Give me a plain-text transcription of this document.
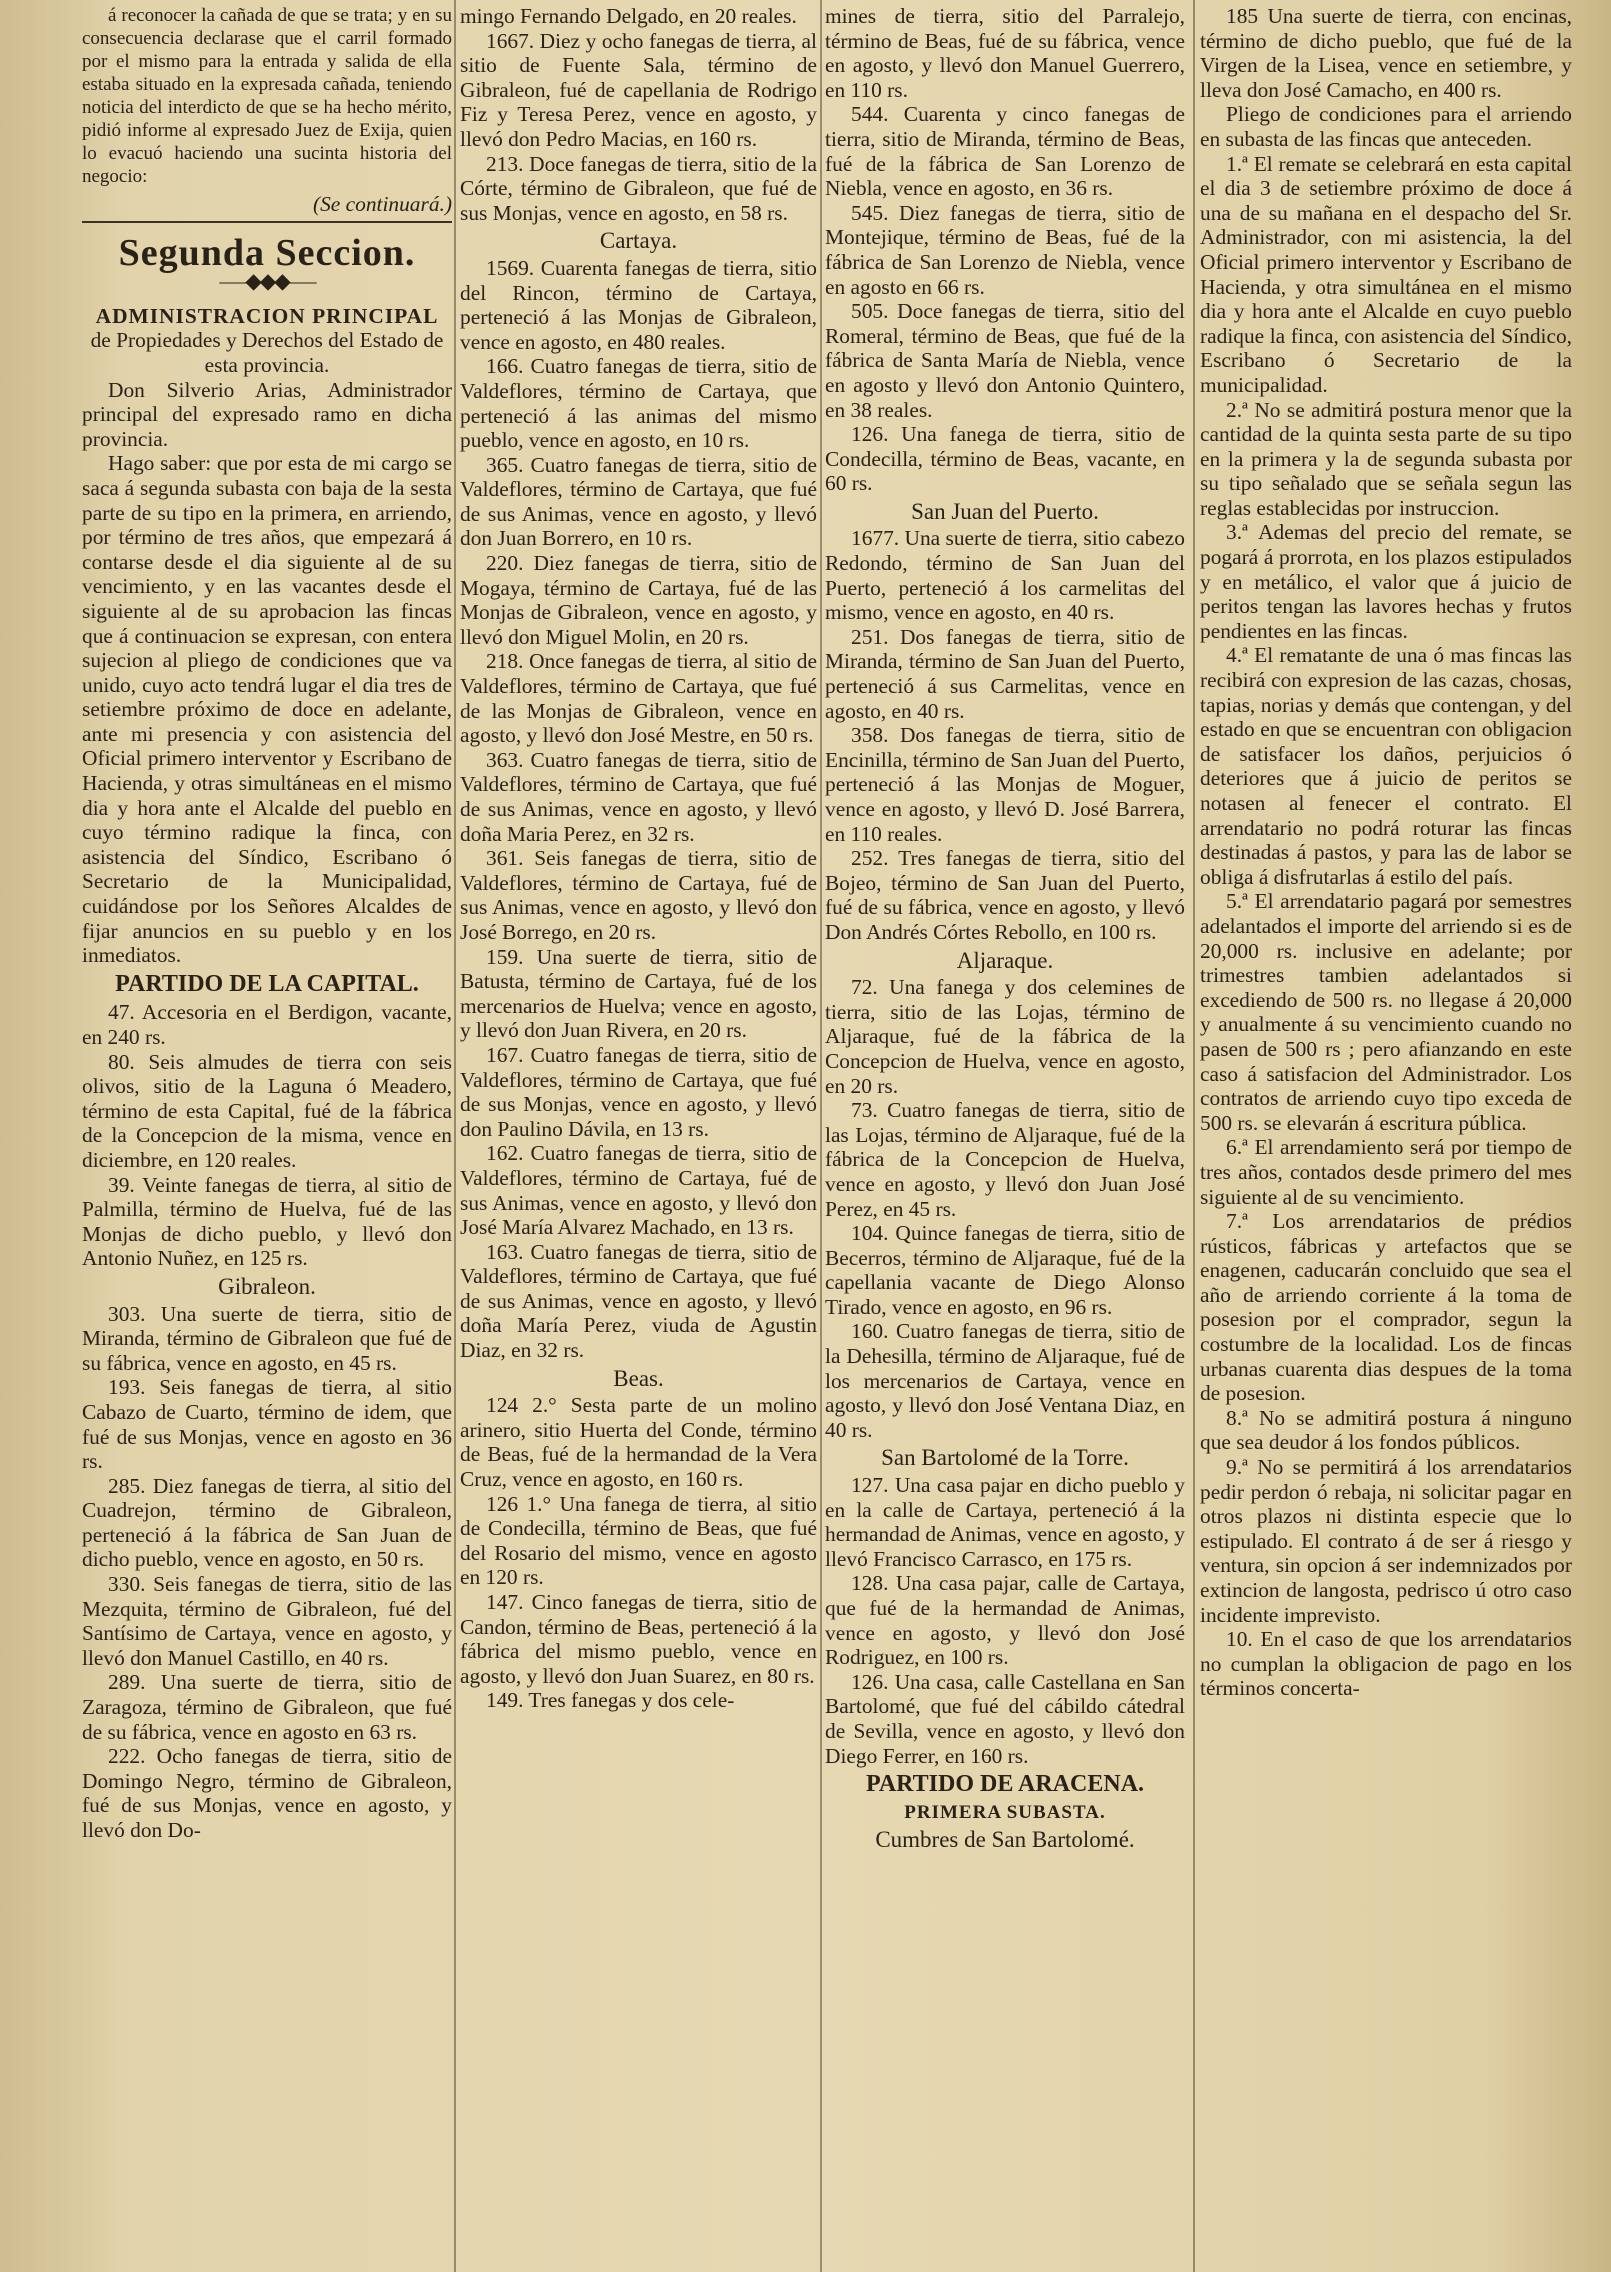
á reconocer la cañada de que se trata; y en su consecuencia declarase que el carril formado por el mismo para la entrada y salida de ella estaba situado en la expresada cañada, teniendo noticia del interdicto de que se ha hecho mérito, pidió informe al expresado Juez de Exija, quien lo evacuó haciendo una sucinta historia del negocio:

(Se continuará.)

Segunda Seccion.
⎯⎯⎯◆◆◆⎯⎯⎯
ADMINISTRACION PRINCIPAL

de Propiedades y Derechos del Estado de esta provincia.

Don Silverio Arias, Administrador principal del expresado ramo en dicha provincia.

Hago saber: que por esta de mi cargo se saca á segunda subasta con baja de la sesta parte de su tipo en la primera, en arriendo, por término de tres años, que empezará á contarse desde el dia siguiente al de su vencimiento, y en las vacantes desde el siguiente al de su aprobacion las fincas que á continuacion se expresan, con entera sujecion al pliego de condiciones que va unido, cuyo acto tendrá lugar el dia tres de setiembre próximo de doce en adelante, ante mi presencia y con asistencia del Oficial primero interventor y Escribano de Hacienda, y otras simultáneas en el mismo dia y hora ante el Alcalde del pueblo en cuyo término radique la finca, con asistencia del Síndico, Escribano ó Secretario de la Municipalidad, cuidándose por los Señores Alcaldes de fijar anuncios en su pueblo y en los inmediatos.

PARTIDO DE LA CAPITAL.

47. Accesoria en el Berdigon, vacante, en 240 rs.

80. Seis almudes de tierra con seis olivos, sitio de la Laguna ó Meadero, término de esta Capital, fué de la fábrica de la Concepcion de la misma, vence en diciembre, en 120 reales.

39. Veinte fanegas de tierra, al sitio de Palmilla, término de Huelva, fué de las Monjas de dicho pueblo, y llevó don Antonio Nuñez, en 125 rs.

Gibraleon.

303. Una suerte de tierra, sitio de Miranda, término de Gibraleon que fué de su fábrica, vence en agosto, en 45 rs.

193. Seis fanegas de tierra, al sitio Cabazo de Cuarto, término de idem, que fué de sus Monjas, vence en agosto en 36 rs.

285. Diez fanegas de tierra, al sitio del Cuadrejon, término de Gibraleon, perteneció á la fábrica de San Juan de dicho pueblo, vence en agosto, en 50 rs.

330. Seis fanegas de tierra, sitio de las Mezquita, término de Gibraleon, fué del Santísimo de Cartaya, vence en agosto, y llevó don Manuel Castillo, en 40 rs.

289. Una suerte de tierra, sitio de Zaragoza, término de Gibraleon, que fué de su fábrica, vence en agosto en 63 rs.

222. Ocho fanegas de tierra, sitio de Domingo Negro, término de Gibraleon, fué de sus Monjas, vence en agosto, y llevó don Do-

mingo Fernando Delgado, en 20 reales.

1667. Diez y ocho fanegas de tierra, al sitio de Fuente Sala, término de Gibraleon, fué de capellania de Rodrigo Fiz y Teresa Perez, vence en agosto, y llevó don Pedro Macias, en 160 rs.

213. Doce fanegas de tierra, sitio de la Córte, término de Gibraleon, que fué de sus Monjas, vence en agosto, en 58 rs.

Cartaya.

1569. Cuarenta fanegas de tierra, sitio del Rincon, término de Cartaya, perteneció á las Monjas de Gibraleon, vence en agosto, en 480 reales.

166. Cuatro fanegas de tierra, sitio de Valdeflores, término de Cartaya, que perteneció á las animas del mismo pueblo, vence en agosto, en 10 rs.

365. Cuatro fanegas de tierra, sitio de Valdeflores, término de Cartaya, que fué de sus Animas, vence en agosto, y llevó don Juan Borrero, en 10 rs.

220. Diez fanegas de tierra, sitio de Mogaya, término de Cartaya, fué de las Monjas de Gibraleon, vence en agosto, y llevó don Miguel Molin, en 20 rs.

218. Once fanegas de tierra, al sitio de Valdeflores, término de Cartaya, que fué de las Monjas de Gibraleon, vence en agosto, y llevó don José Mestre, en 50 rs.

363. Cuatro fanegas de tierra, sitio de Valdeflores, término de Cartaya, que fué de sus Animas, vence en agosto, y llevó doña Maria Perez, en 32 rs.

361. Seis fanegas de tierra, sitio de Valdeflores, término de Cartaya, fué de sus Animas, vence en agosto, y llevó don José Borrego, en 20 rs.

159. Una suerte de tierra, sitio de Batusta, término de Cartaya, fué de los mercenarios de Huelva; vence en agosto, y llevó don Juan Rivera, en 20 rs.

167. Cuatro fanegas de tierra, sitio de Valdeflores, término de Cartaya, que fué de sus Monjas, vence en agosto, y llevó don Paulino Dávila, en 13 rs.

162. Cuatro fanegas de tierra, sitio de Valdeflores, término de Cartaya, fué de sus Animas, vence en agosto, y llevó don José María Alvarez Machado, en 13 rs.

163. Cuatro fanegas de tierra, sitio de Valdeflores, término de Cartaya, que fué de sus Animas, vence en agosto, y llevó doña María Perez, viuda de Agustin Diaz, en 32 rs.

Beas.

124 2.° Sesta parte de un molino arinero, sitio Huerta del Conde, término de Beas, fué de la hermandad de la Vera Cruz, vence en agosto, en 160 rs.

126 1.° Una fanega de tierra, al sitio de Condecilla, término de Beas, que fué del Rosario del mismo, vence en agosto en 120 rs.

147. Cinco fanegas de tierra, sitio de Candon, término de Beas, perteneció á la fábrica del mismo pueblo, vence en agosto, y llevó don Juan Suarez, en 80 rs.

149. Tres fanegas y dos cele-

mines de tierra, sitio del Parralejo, término de Beas, fué de su fábrica, vence en agosto, y llevó don Manuel Guerrero, en 110 rs.

544. Cuarenta y cinco fanegas de tierra, sitio de Miranda, término de Beas, fué de la fábrica de San Lorenzo de Niebla, vence en agosto, en 36 rs.

545. Diez fanegas de tierra, sitio de Montejique, término de Beas, fué de la fábrica de San Lorenzo de Niebla, vence en agosto en 66 rs.

505. Doce fanegas de tierra, sitio del Romeral, término de Beas, que fué de la fábrica de Santa María de Niebla, vence en agosto y llevó don Antonio Quintero, en 38 reales.

126. Una fanega de tierra, sitio de Condecilla, término de Beas, vacante, en 60 rs.

San Juan del Puerto.

1677. Una suerte de tierra, sitio cabezo Redondo, término de San Juan del Puerto, perteneció á los carmelitas del mismo, vence en agosto, en 40 rs.

251. Dos fanegas de tierra, sitio de Miranda, término de San Juan del Puerto, perteneció á sus Carmelitas, vence en agosto, en 40 rs.

358. Dos fanegas de tierra, sitio de Encinilla, término de San Juan del Puerto, perteneció á las Monjas de Moguer, vence en agosto, y llevó D. José Barrera, en 110 reales.

252. Tres fanegas de tierra, sitio del Bojeo, término de San Juan del Puerto, fué de su fábrica, vence en agosto, y llevó Don Andrés Córtes Rebollo, en 100 rs.

Aljaraque.

72. Una fanega y dos celemines de tierra, sitio de las Lojas, término de Aljaraque, fué de la fábrica de la Concepcion de Huelva, vence en agosto, en 20 rs.

73. Cuatro fanegas de tierra, sitio de las Lojas, término de Aljaraque, fué de la fábrica de la Concepcion de Huelva, vence en agosto, y llevó don Juan José Perez, en 45 rs.

104. Quince fanegas de tierra, sitio de Becerros, término de Aljaraque, fué de la capellania vacante de Diego Alonso Tirado, vence en agosto, en 96 rs.

160. Cuatro fanegas de tierra, sitio de la Dehesilla, término de Aljaraque, fué de los mercenarios de Cartaya, vence en agosto, y llevó don José Ventana Diaz, en 40 rs.

San Bartolomé de la Torre.

127. Una casa pajar en dicho pueblo y en la calle de Cartaya, perteneció á la hermandad de Animas, vence en agosto, y llevó Francisco Carrasco, en 175 rs.

128. Una casa pajar, calle de Cartaya, que fué de la hermandad de Animas, vence en agosto, y llevó don José Rodriguez, en 100 rs.

126. Una casa, calle Castellana en San Bartolomé, que fué del cábildo cátedral de Sevilla, vence en agosto, y llevó don Diego Ferrer, en 160 rs.

PARTIDO DE ARACENA.
PRIMERA SUBASTA.
Cumbres de San Bartolomé.

185 Una suerte de tierra, con encinas, término de dicho pueblo, que fué de la Virgen de la Lisea, vence en setiembre, y lleva don José Camacho, en 400 rs.

Pliego de condiciones para el arriendo en subasta de las fincas que anteceden.

1.ª El remate se celebrará en esta capital el dia 3 de setiembre próximo de doce á una de su mañana en el despacho del Sr. Administrador, con mi asistencia, la del Oficial primero interventor y Escribano de Hacienda, y otra simultánea en el mismo dia y hora ante el Alcalde en cuyo pueblo radique la finca, con asistencia del Síndico, Escribano ó Secretario de la municipalidad.

2.ª No se admitirá postura menor que la cantidad de la quinta sesta parte de su tipo en la primera y la de segunda subasta por su tipo señalado que se señala segun las reglas establecidas por instruccion.

3.ª Ademas del precio del remate, se pogará á prorrota, en los plazos estipulados y en metálico, el valor que á juicio de peritos tengan las lavores hechas y frutos pendientes en las fincas.

4.ª El rematante de una ó mas fincas las recibirá con expresion de las cazas, chosas, tapias, norias y demás que contengan, y del estado en que se encuentran con obligacion de satisfacer los daños, perjuicios ó deteriores que á juicio de peritos se notasen al fenecer el contrato. El arrendatario no podrá roturar las fincas destinadas á pastos, y para las de labor se obliga á disfrutarlas á estilo del país.

5.ª El arrendatario pagará por semestres adelantados el importe del arriendo si es de 20,000 rs. inclusive en adelante; por trimestres tambien adelantados si excediendo de 500 rs. no llegase á 20,000 y anualmente á su vencimiento cuando no pasen de 500 rs ; pero afianzando en este caso á satisfacion del Administrador. Los contratos de arriendo cuyo tipo exceda de 500 rs. se elevarán á escritura pública.

6.ª El arrendamiento será por tiempo de tres años, contados desde primero del mes siguiente al de su vencimiento.

7.ª Los arrendatarios de prédios rústicos, fábricas y artefactos que se enagenen, caducarán concluido que sea el año de arriendo corriente á la toma de posesion por el comprador, segun la costumbre de la localidad. Los de fincas urbanas cuarenta dias despues de la toma de posesion.

8.ª No se admitirá postura á ninguno que sea deudor á los fondos públicos.

9.ª No se permitirá á los arrendatarios pedir perdon ó rebaja, ni solicitar pagar en otros plazos ni distinta especie que lo estipulado. El contrato á de ser á riesgo y ventura, sin opcion á ser indemnizados por extincion de langosta, pedrisco ú otro caso incidente imprevisto.

10. En el caso de que los arrendatarios no cumplan la obligacion de pago en los términos concerta-
